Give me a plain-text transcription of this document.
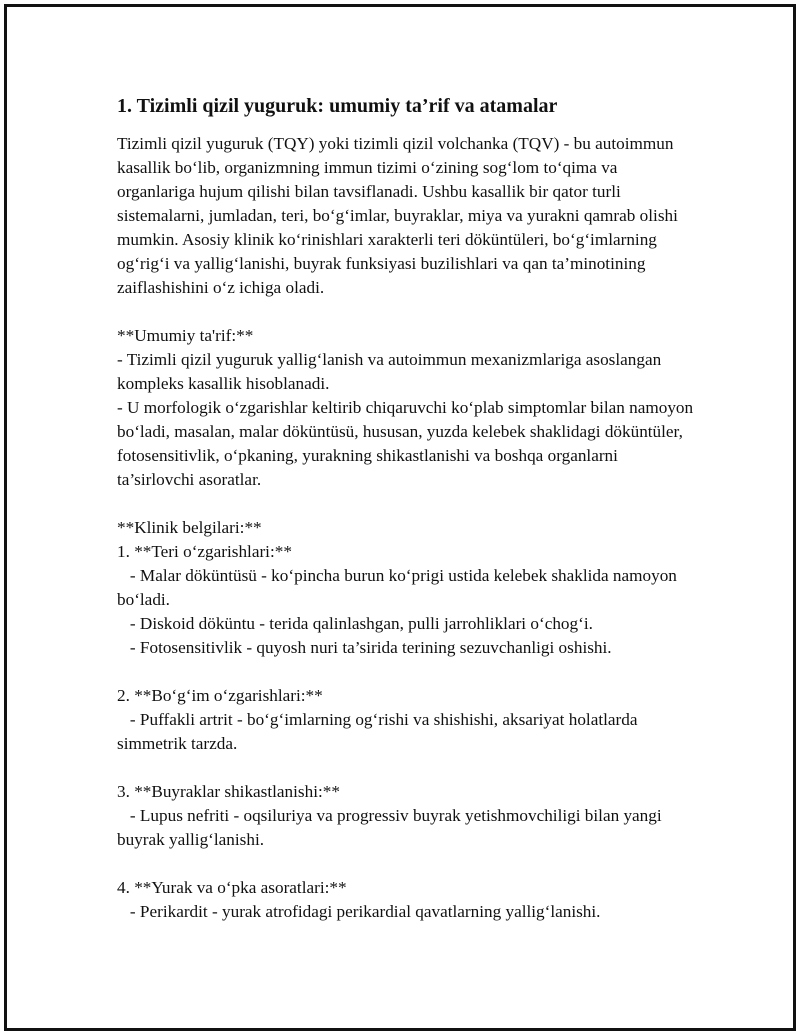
1. Tizimli qizil yuguruk: umumiy ta’rif va atamalar
Tizimli qizil yuguruk (TQY) yoki tizimli qizil volchanka (TQV) - bu autoimmun kasallik bo‘lib, organizmning immun tizimi o‘zining sog‘lom to‘qima va organlariga hujum qilishi bilan tavsiflanadi. Ushbu kasallik bir qator turli sistemalarni, jumladan, teri, bo‘g‘imlar, buyraklar, miya va yurakni qamrab olishi mumkin. Asosiy klinik ko‘rinishlari xarakterli teri döküntüleri, bo‘g‘imlarning og‘rig‘i va yallig‘lanishi, buyrak funksiyasi buzilishlari va qan ta’minotining zaiflashishini o‘z ichiga oladi.

**Umumiy ta'rif:**
- Tizimli qizil yuguruk yallig‘lanish va autoimmun mexanizmlariga asoslangan kompleks kasallik hisoblanadi.
- U morfologik o‘zgarishlar keltirib chiqaruvchi ko‘plab simptomlar bilan namoyon bo‘ladi, masalan, malar döküntüsü, hususan, yuzda kelebek shaklidagi döküntüler, fotosensitivlik, o‘pkaning, yurakning shikastlanishi va boshqa organlarni ta’sirlovchi asoratlar.

**Klinik belgilari:**
1. **Teri o‘zgarishlari:**
- Malar döküntüsü - ko‘pincha burun ko‘prigi ustida kelebek shaklida namoyon bo‘ladi.
- Diskoid döküntu - terida qalinlashgan, pulli jarrohliklari o‘chog‘i.
- Fotosensitivlik - quyosh nuri ta’sirida terining sezuvchanligi oshishi.

2. **Bo‘g‘im o‘zgarishlari:**
- Puffakli artrit - bo‘g‘imlarning og‘rishi va shishishi, aksariyat holatlarda simmetrik tarzda.

3. **Buyraklar shikastlanishi:**
- Lupus nefriti - oqsiluriya va progressiv buyrak yetishmovchiligi bilan yangi buyrak yallig‘lanishi.

4. **Yurak va o‘pka asoratlari:**
- Perikardit - yurak atrofidagi perikardial qavatlarning yallig‘lanishi.
